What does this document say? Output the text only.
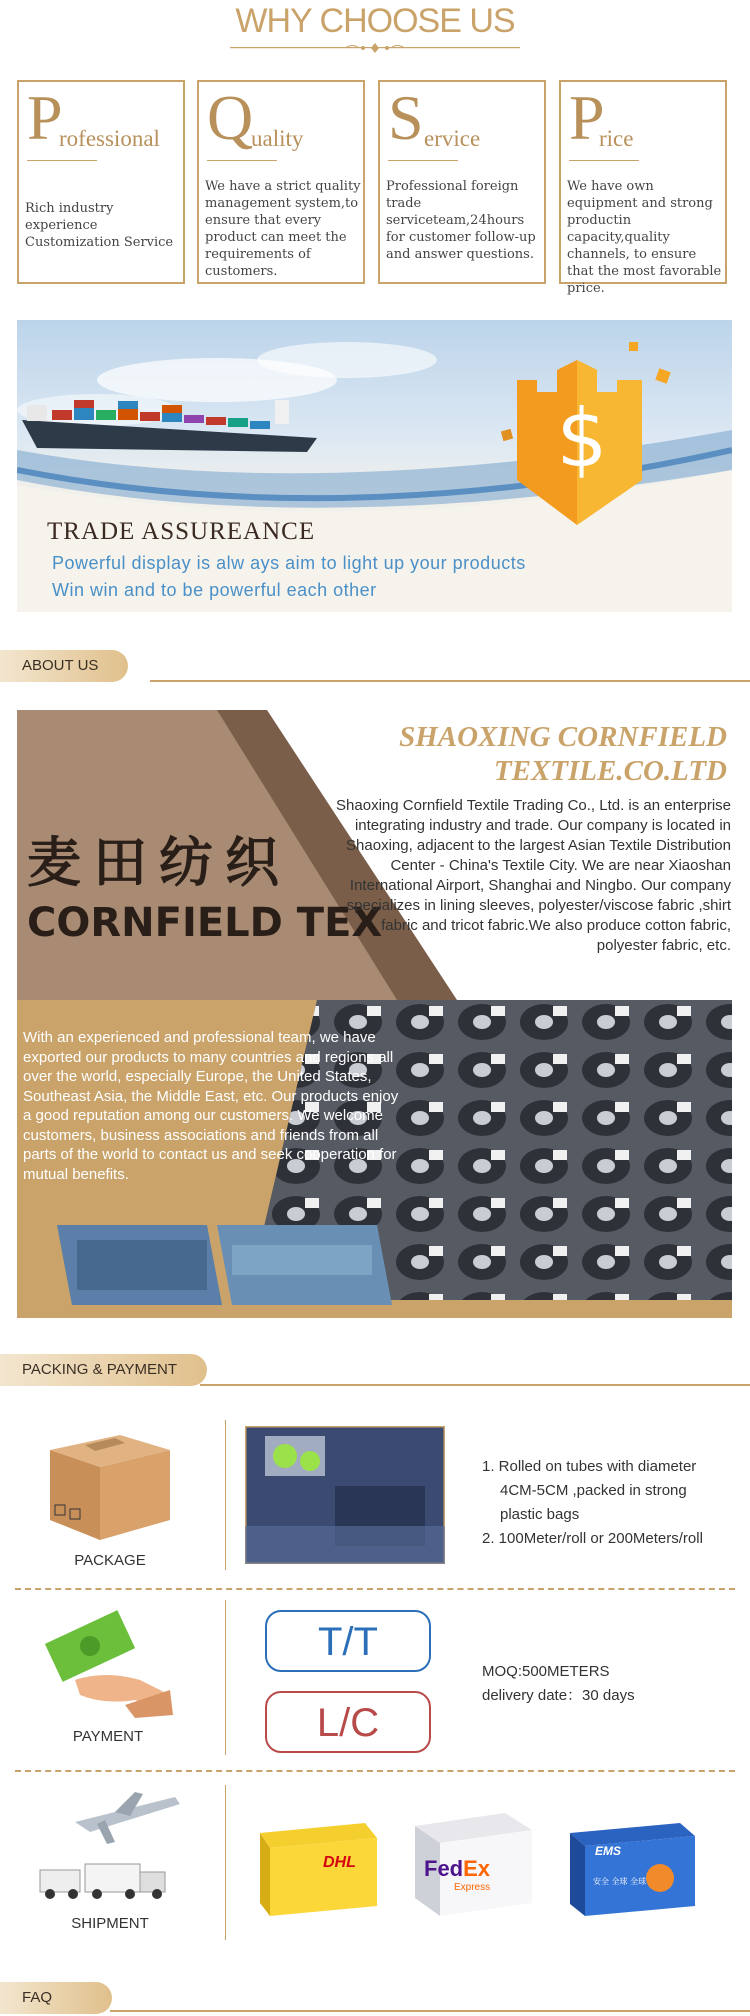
WHY CHOOSE US
P
rofessional
Rich industry experience Customization Service
Q
uality
We have a strict quality management system,to ensure that every product can meet the requirements of customers.
S ervice
Professional foreign trade serviceteam,24hours for customer follow-up and answer questions.
P
rice
We have own equipment and strong productin capacity,quality channels, to ensure that the most favorable price.
$
TRADE ASSUREANCE
Powerful display is alw ays aim to light up your products
Win win and to be powerful each other
ABOUT US
麦田纺织
CORNFIELD TEX
SHAOXING CORNFIELD
TEXTILE.CO.LTD
Shaoxing Cornfield Textile Trading Co., Ltd. is an enterprise integrating industry and trade. Our company is located in Shaoxing, adjacent to the largest Asian Textile Distribution Center - China's Textile City. We are near Xiaoshan International Airport, Shanghai and Ningbo. Our company specializes in lining sleeves, polyester/viscose fabric ,shirt fabric and tricot fabric.We also produce cotton fabric, polyester fabric, etc.
With an experienced and professional team, we have exported our products to many countries and regions all over the world, especially Europe, the United States, Southeast Asia, the Middle East, etc. Our products enjoy a good reputation among our customers. We welcome customers, business associations and friends from all parts of the world to contact us and seek cooperation for mutual benefits.
PACKING & PAYMENT
PACKAGE
1. Rolled on tubes with diameter
4CM-5CM ,packed in strong
plastic bags
2. 100Meter/roll or 200Meters/roll
PAYMENT
T/T
L/C
MOQ:500METERS
delivery date：30 days
SHIPMENT
DHL	FedEx
Express
EMS
安全 全球 全球
FAQ
